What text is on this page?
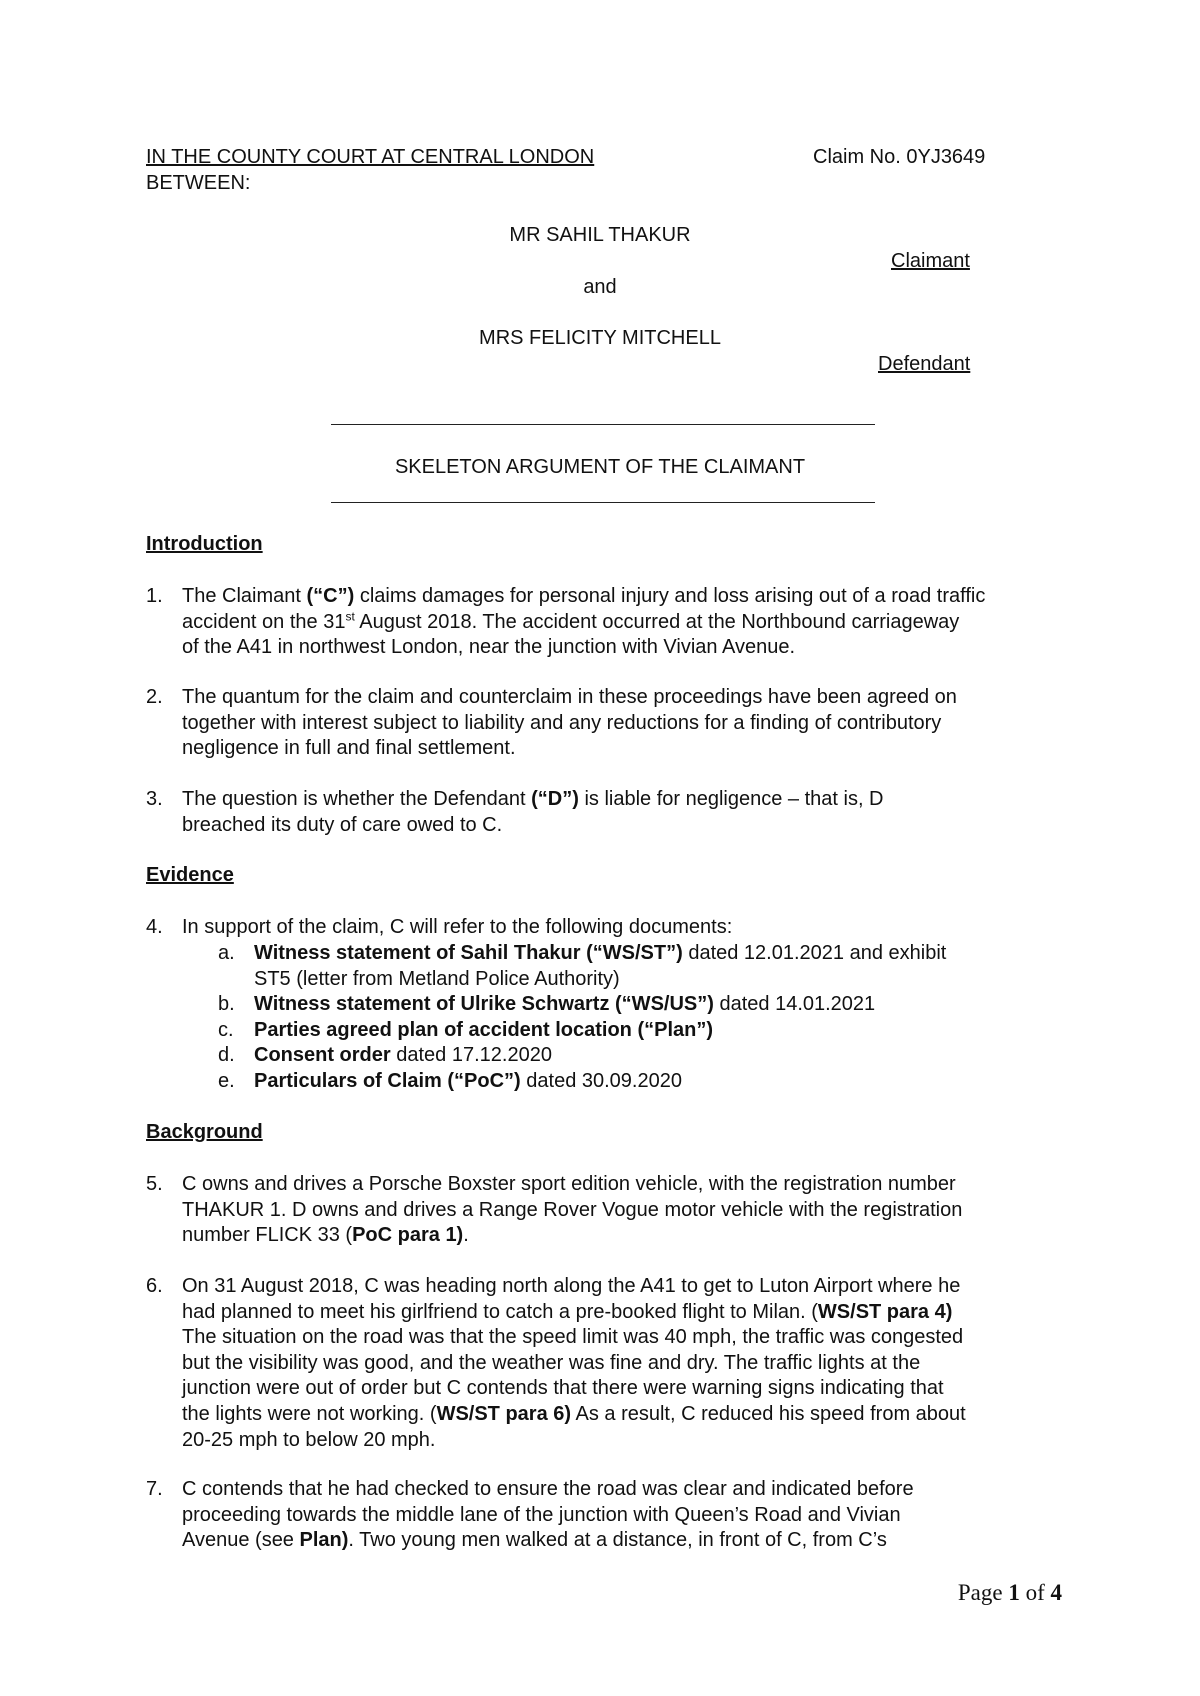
IN THE COUNTY COURT AT CENTRAL LONDON	Claim No. 0YJ3649
BETWEEN:
MR SAHIL THAKUR
Claimant
and
MRS FELICITY MITCHELL
Defendant
SKELETON ARGUMENT OF THE CLAIMANT
Introduction
1. The Claimant (“C”) claims damages for personal injury and loss arising out of a road traffic
accident on the 31st August 2018. The accident occurred at the Northbound carriageway
of the A41 in northwest London, near the junction with Vivian Avenue.
2. The quantum for the claim and counterclaim in these proceedings have been agreed on
together with interest subject to liability and any reductions for a finding of contributory
negligence in full and final settlement.
3. The question is whether the Defendant (“D”) is liable for negligence – that is, D
breached its duty of care owed to C.
Evidence
4. In support of the claim, C will refer to the following documents:
a. Witness statement of Sahil Thakur (“WS/ST”) dated 12.01.2021 and exhibit
ST5 (letter from Metland Police Authority)
b. Witness statement of Ulrike Schwartz (“WS/US”) dated 14.01.2021
c. Parties agreed plan of accident location (“Plan”)
d. Consent order dated 17.12.2020
e. Particulars of Claim (“PoC”) dated 30.09.2020
Background
5. C owns and drives a Porsche Boxster sport edition vehicle, with the registration number
THAKUR 1. D owns and drives a Range Rover Vogue motor vehicle with the registration
number FLICK 33 (PoC para 1).
6. On 31 August 2018, C was heading north along the A41 to get to Luton Airport where he
had planned to meet his girlfriend to catch a pre-booked flight to Milan. (WS/ST para 4)
The situation on the road was that the speed limit was 40 mph, the traffic was congested
but the visibility was good, and the weather was fine and dry. The traffic lights at the
junction were out of order but C contends that there were warning signs indicating that
the lights were not working. (WS/ST para 6) As a result, C reduced his speed from about
20-25 mph to below 20 mph.
7. C contends that he had checked to ensure the road was clear and indicated before
proceeding towards the middle lane of the junction with Queen’s Road and Vivian
Avenue (see Plan). Two young men walked at a distance, in front of C, from C’s
Page 1 of 4
